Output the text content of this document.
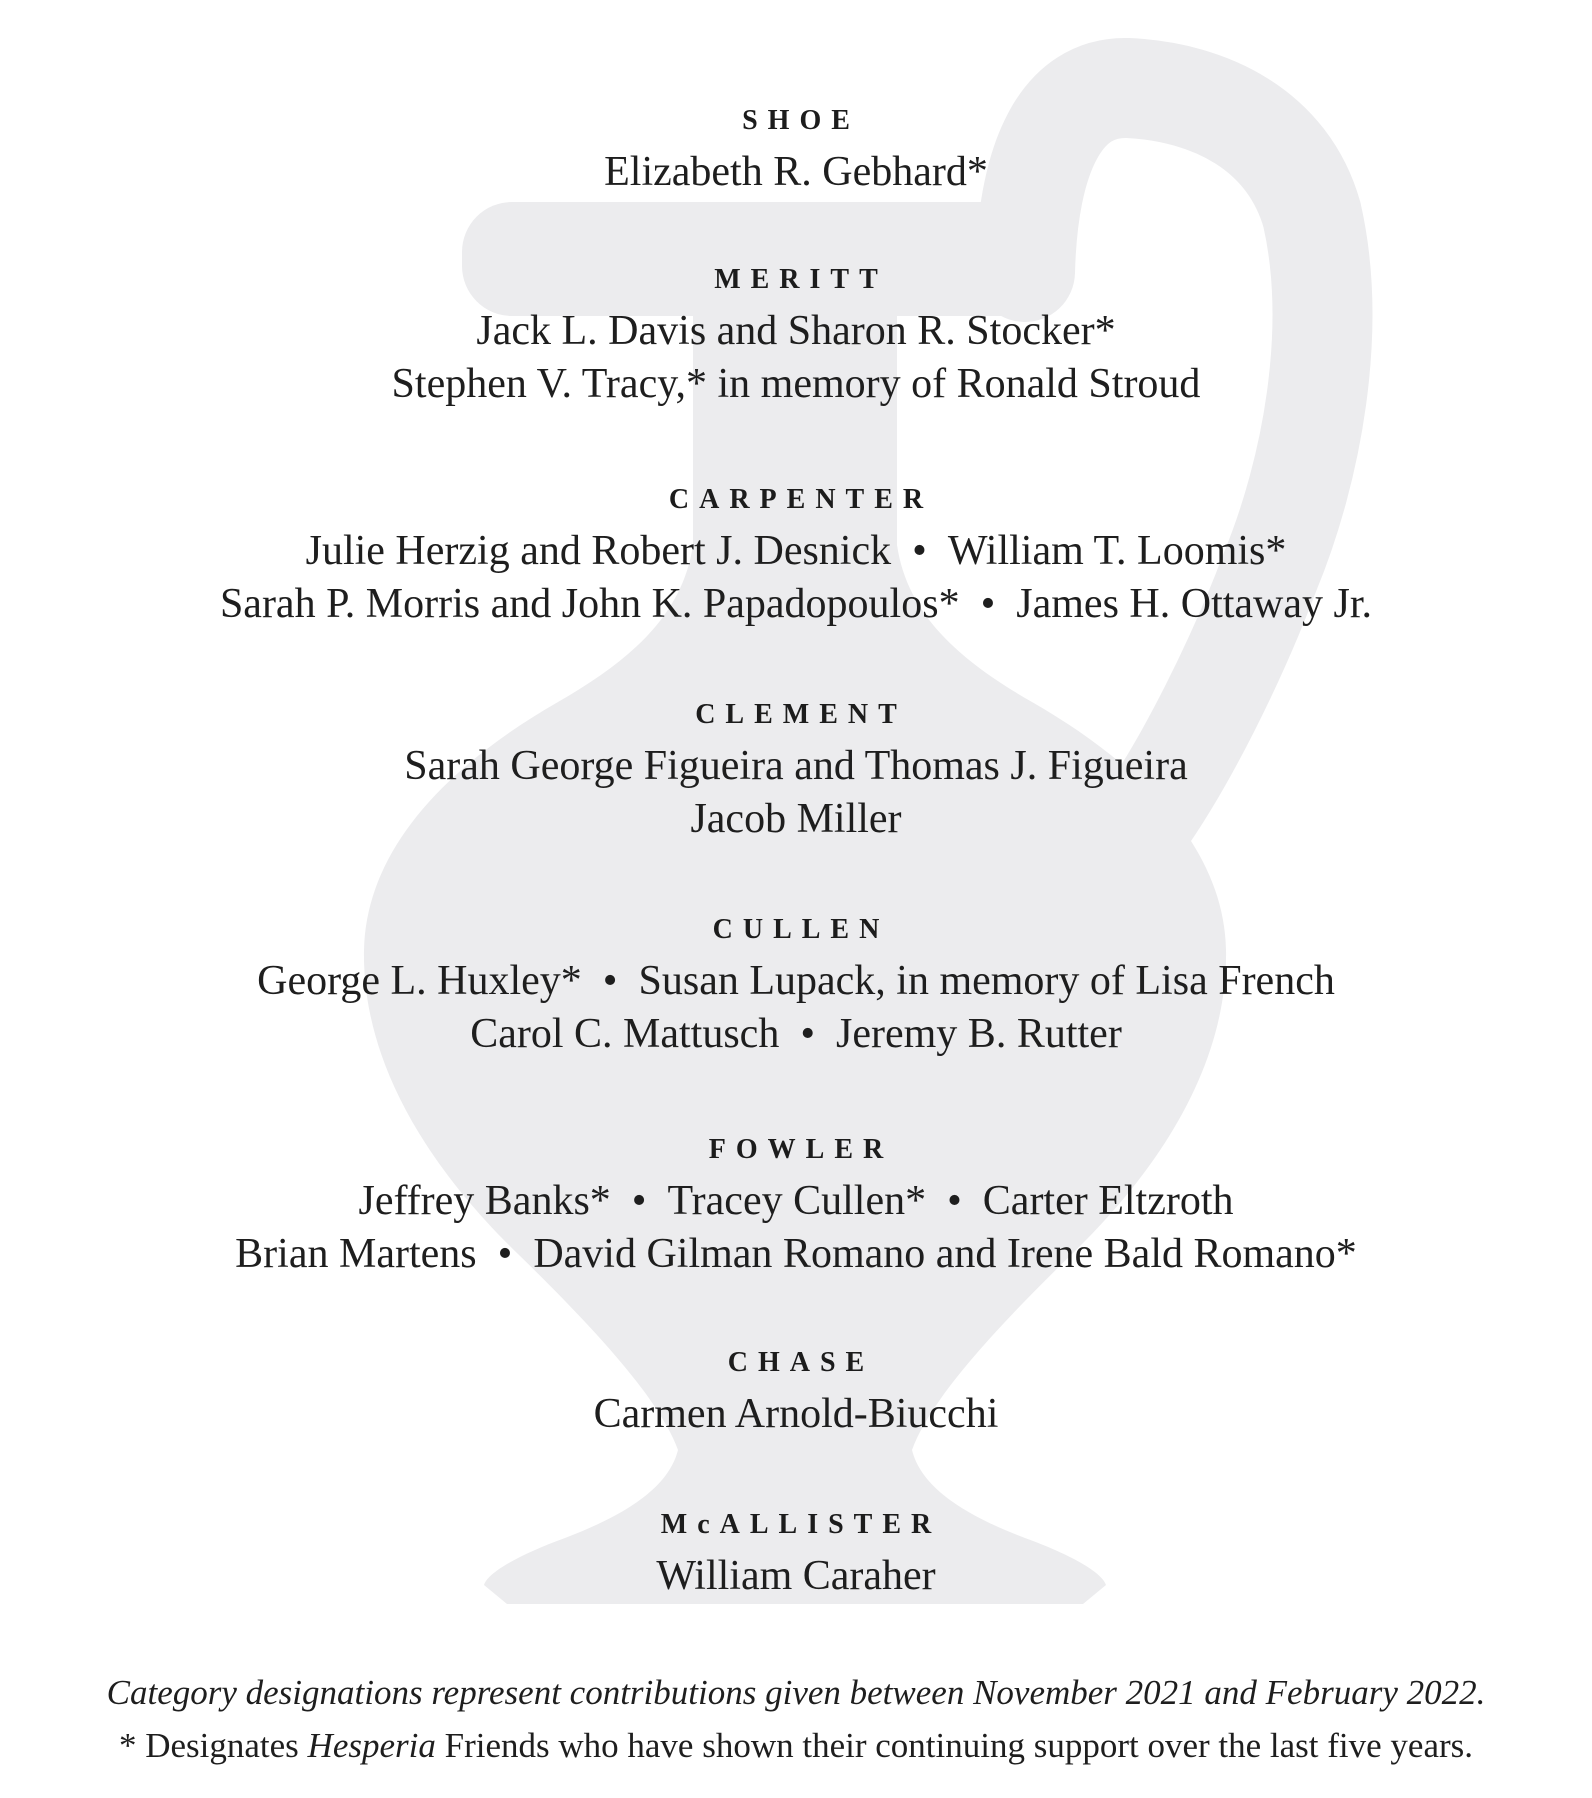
SHOE
Elizabeth R. Gebhard*
MERITT
Jack L. Davis and Sharon R. Stocker*
Stephen V. Tracy,* in memory of Ronald Stroud
CARPENTER
Julie Herzig and Robert J. Desnick • William T. Loomis*
Sarah P. Morris and John K. Papadopoulos* • James H. Ottaway Jr.
CLEMENT
Sarah George Figueira and Thomas J. Figueira
Jacob Miller
CULLEN
George L. Huxley* • Susan Lupack, in memory of Lisa French
Carol C. Mattusch • Jeremy B. Rutter
FOWLER
Jeffrey Banks* • Tracey Cullen* • Carter Eltzroth
Brian Martens • David Gilman Romano and Irene Bald Romano*
CHASE
Carmen Arnold-Biucchi
McALLISTER
William Caraher
Category designations represent contributions given between November 2021 and February 2022.
* Designates Hesperia Friends who have shown their continuing support over the last five years.
